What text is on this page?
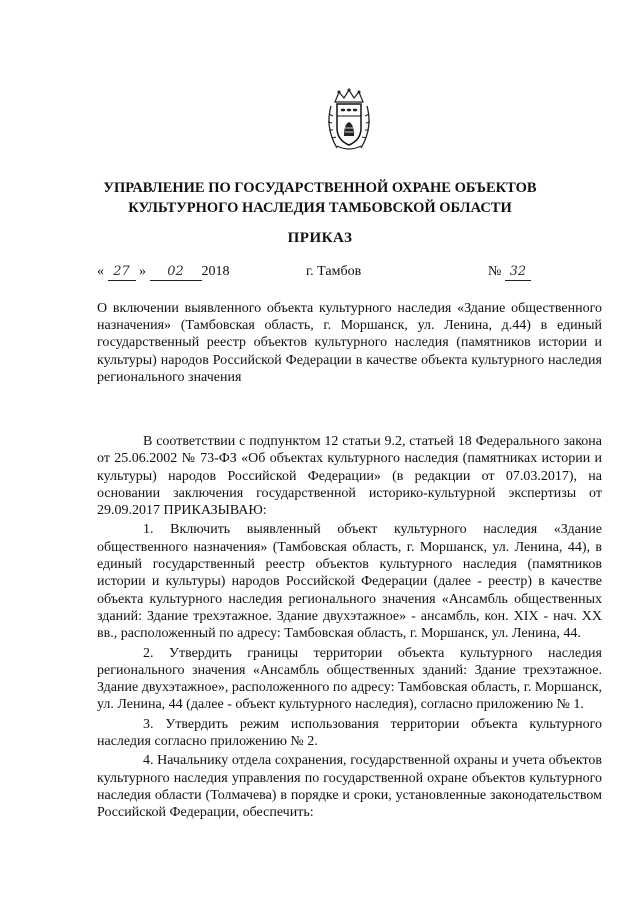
УПРАВЛЕНИЕ ПО ГОСУДАРСТВЕННОЙ ОХРАНЕ ОБЪЕКТОВ КУЛЬТУРНОГО НАСЛЕДИЯ ТАМБОВСКОЙ ОБЛАСТИ
ПРИКАЗ
« 27 » 02 2018	г. Тамбов	№ 32
О включении выявленного объекта культурного наследия «Здание общественного назначения» (Тамбовская область, г. Моршанск, ул. Ленина, д.44) в единый государственный реестр объектов культурного наследия (памятников истории и культуры) народов Российской Федерации в качестве объекта культурного наследия регионального значения

В соответствии с подпунктом 12 статьи 9.2, статьей 18 Федерального закона от 25.06.2002 № 73-ФЗ «Об объектах культурного наследия (памятниках истории и культуры) народов Российской Федерации» (в редакции от 07.03.2017), на основании заключения государственной историко-культурной экспертизы от 29.09.2017 ПРИКАЗЫВАЮ:

1. Включить выявленный объект культурного наследия «Здание общественного назначения» (Тамбовская область, г. Моршанск, ул. Ленина, 44), в единый государственный реестр объектов культурного наследия (памятников истории и культуры) народов Российской Федерации (далее - реестр) в качестве объекта культурного наследия регионального значения «Ансамбль общественных зданий: Здание трехэтажное. Здание двухэтажное» - ансамбль, кон. XIX - нач. XX вв., расположенный по адресу: Тамбовская область, г. Моршанск, ул. Ленина, 44.

2. Утвердить границы территории объекта культурного наследия регионального значения «Ансамбль общественных зданий: Здание трехэтажное. Здание двухэтажное», расположенного по адресу: Тамбовская область, г. Моршанск, ул. Ленина, 44 (далее - объект культурного наследия), согласно приложению № 1.

3. Утвердить режим использования территории объекта культурного наследия согласно приложению № 2.

4. Начальнику отдела сохранения, государственной охраны и учета объектов культурного наследия управления по государственной охране объектов культурного наследия области (Толмачева) в порядке и сроки, установленные законодательством Российской Федерации, обеспечить:
